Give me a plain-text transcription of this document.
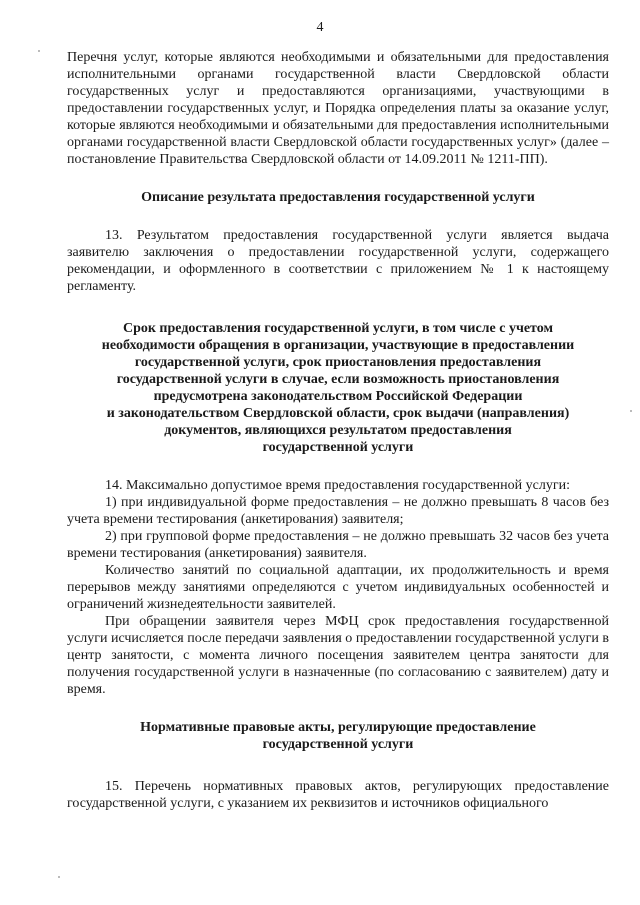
4

Перечня услуг, которые являются необходимыми и обязательными для предоставления исполнительными органами государственной власти Свердловской области государственных услуг и предоставляются организациями, участвующими в предоставлении государственных услуг, и Порядка определения платы за оказание услуг, которые являются необходимыми и обязательными для предоставления исполнительными органами государственной власти Свердловской области государственных услуг» (далее – постановление Правительства Свердловской области от 14.09.2011 № 1211-ПП).

Описание результата предоставления государственной услуги

13. Результатом предоставления государственной услуги является выдача заявителю заключения о предоставлении государственной услуги, содержащего рекомендации, и оформленного в соответствии с приложением № 1 к настоящему регламенту.

Срок предоставления государственной услуги, в том числе с учетом
необходимости обращения в организации, участвующие в предоставлении
государственной услуги, срок приостановления предоставления
государственной услуги в случае, если возможность приостановления
предусмотрена законодательством Российской Федерации
и законодательством Свердловской области, срок выдачи (направления)
документов, являющихся результатом предоставления
государственной услуги

14. Максимально допустимое время предоставления государственной услуги:

1) при индивидуальной форме предоставления – не должно превышать 8 часов без учета времени тестирования (анкетирования) заявителя;

2) при групповой форме предоставления – не должно превышать 32 часов без учета времени тестирования (анкетирования) заявителя.

Количество занятий по социальной адаптации, их продолжительность и время перерывов между занятиями определяются с учетом индивидуальных особенностей и ограничений жизнедеятельности заявителей.

При обращении заявителя через МФЦ срок предоставления государственной услуги исчисляется после передачи заявления о предоставлении государственной услуги в центр занятости, с момента личного посещения заявителем центра занятости для получения государственной услуги в назначенные (по согласованию с заявителем) дату и время.

Нормативные правовые акты, регулирующие предоставление
государственной услуги

15. Перечень нормативных правовых актов, регулирующих предоставление государственной услуги, с указанием их реквизитов и источников официального
